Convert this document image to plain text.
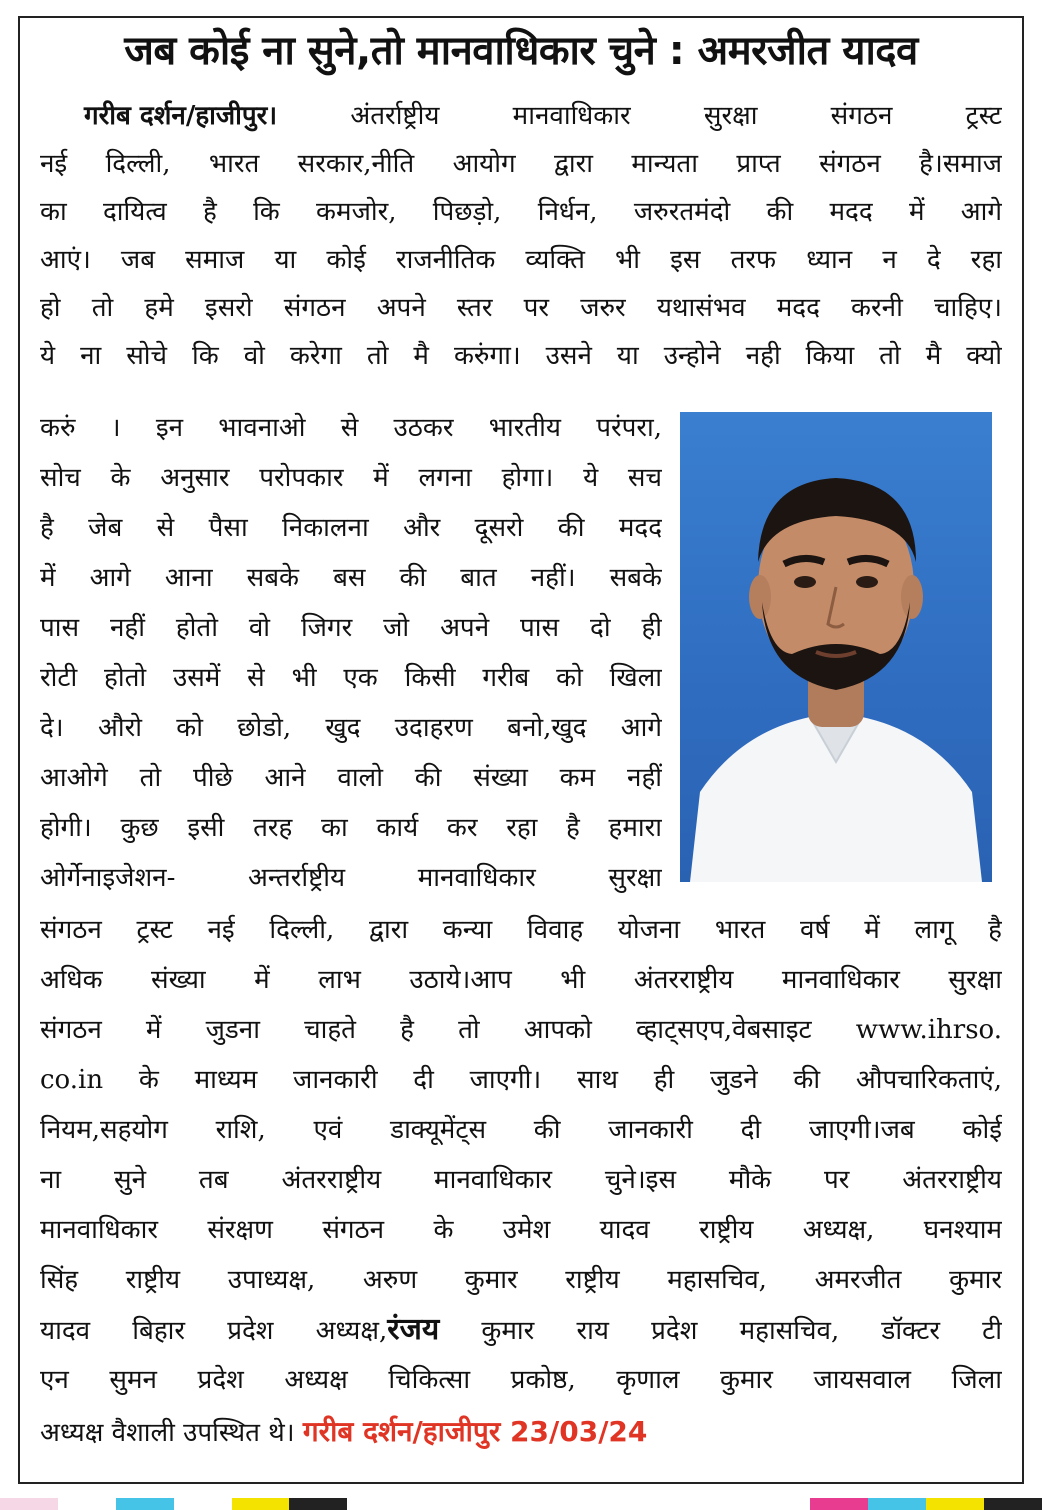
जब कोई ना सुने,तो मानवाधिकार चुने : अमरजीत यादव
गरीब दर्शन/हाजीपुर। अंतर्राष्ट्रीय मानवाधिकार सुरक्षा संगठन ट्रस्ट
नई दिल्ली, भारत सरकार,नीति आयोग द्वारा मान्यता प्राप्त संगठन है।समाज
का दायित्व है कि कमजोर, पिछड़ो, निर्धन, जरुरतमंदो की मदद में आगे
आएं। जब समाज या कोई राजनीतिक व्यक्ति भी इस तरफ ध्यान न दे रहा
हो तो हमे इसरो संगठन अपने स्तर पर जरुर यथासंभव मदद करनी चाहिए।
ये ना सोचे कि वो करेगा तो मै करुंगा। उसने या उन्होने नही किया तो मै क्यो
करुं । इन भावनाओ से उठकर भारतीय परंपरा,
सोच के अनुसार परोपकार में लगना होगा। ये सच
है जेब से पैसा निकालना और दूसरो की मदद
में आगे आना सबके बस की बात नहीं। सबके
पास नहीं होतो वो जिगर जो अपने पास दो ही
रोटी होतो उसमें से भी एक किसी गरीब को खिला
दे। औरो को छोडो, खुद उदाहरण बनो,खुद आगे
आओगे तो पीछे आने वालो की संख्या कम नहीं
होगी। कुछ इसी तरह का कार्य कर रहा है हमारा
ओर्गेनाइजेशन- अन्तर्राष्ट्रीय मानवाधिकार सुरक्षा
संगठन ट्रस्ट नई दिल्ली, द्वारा कन्या विवाह योजना भारत वर्ष में लागू है
अधिक संख्या में लाभ उठाये।आप भी अंतरराष्ट्रीय मानवाधिकार सुरक्षा
संगठन में जुडना चाहते है तो आपको व्हाट्सएप,वेबसाइट www.ihrso.
co.in के माध्यम जानकारी दी जाएगी। साथ ही जुडने की औपचारिकताएं,
नियम,सहयोग राशि, एवं डाक्यूमेंट्स की जानकारी दी जाएगी।जब कोई
ना सुने तब अंतरराष्ट्रीय मानवाधिकार चुने।इस मौके पर अंतरराष्ट्रीय
मानवाधिकार संरक्षण संगठन के उमेश यादव राष्ट्रीय अध्यक्ष, घनश्याम
सिंह राष्ट्रीय उपाध्यक्ष, अरुण कुमार राष्ट्रीय महासचिव, अमरजीत कुमार
यादव बिहार प्रदेश अध्यक्ष,रंजय कुमार राय प्रदेश महासचिव, डॉक्टर टी
एन सुमन प्रदेश अध्यक्ष चिकित्सा प्रकोष्ठ, कृणाल कुमार जायसवाल जिला
अध्यक्ष वैशाली उपस्थित थे। गरीब दर्शन/हाजीपुर 23/03/24
